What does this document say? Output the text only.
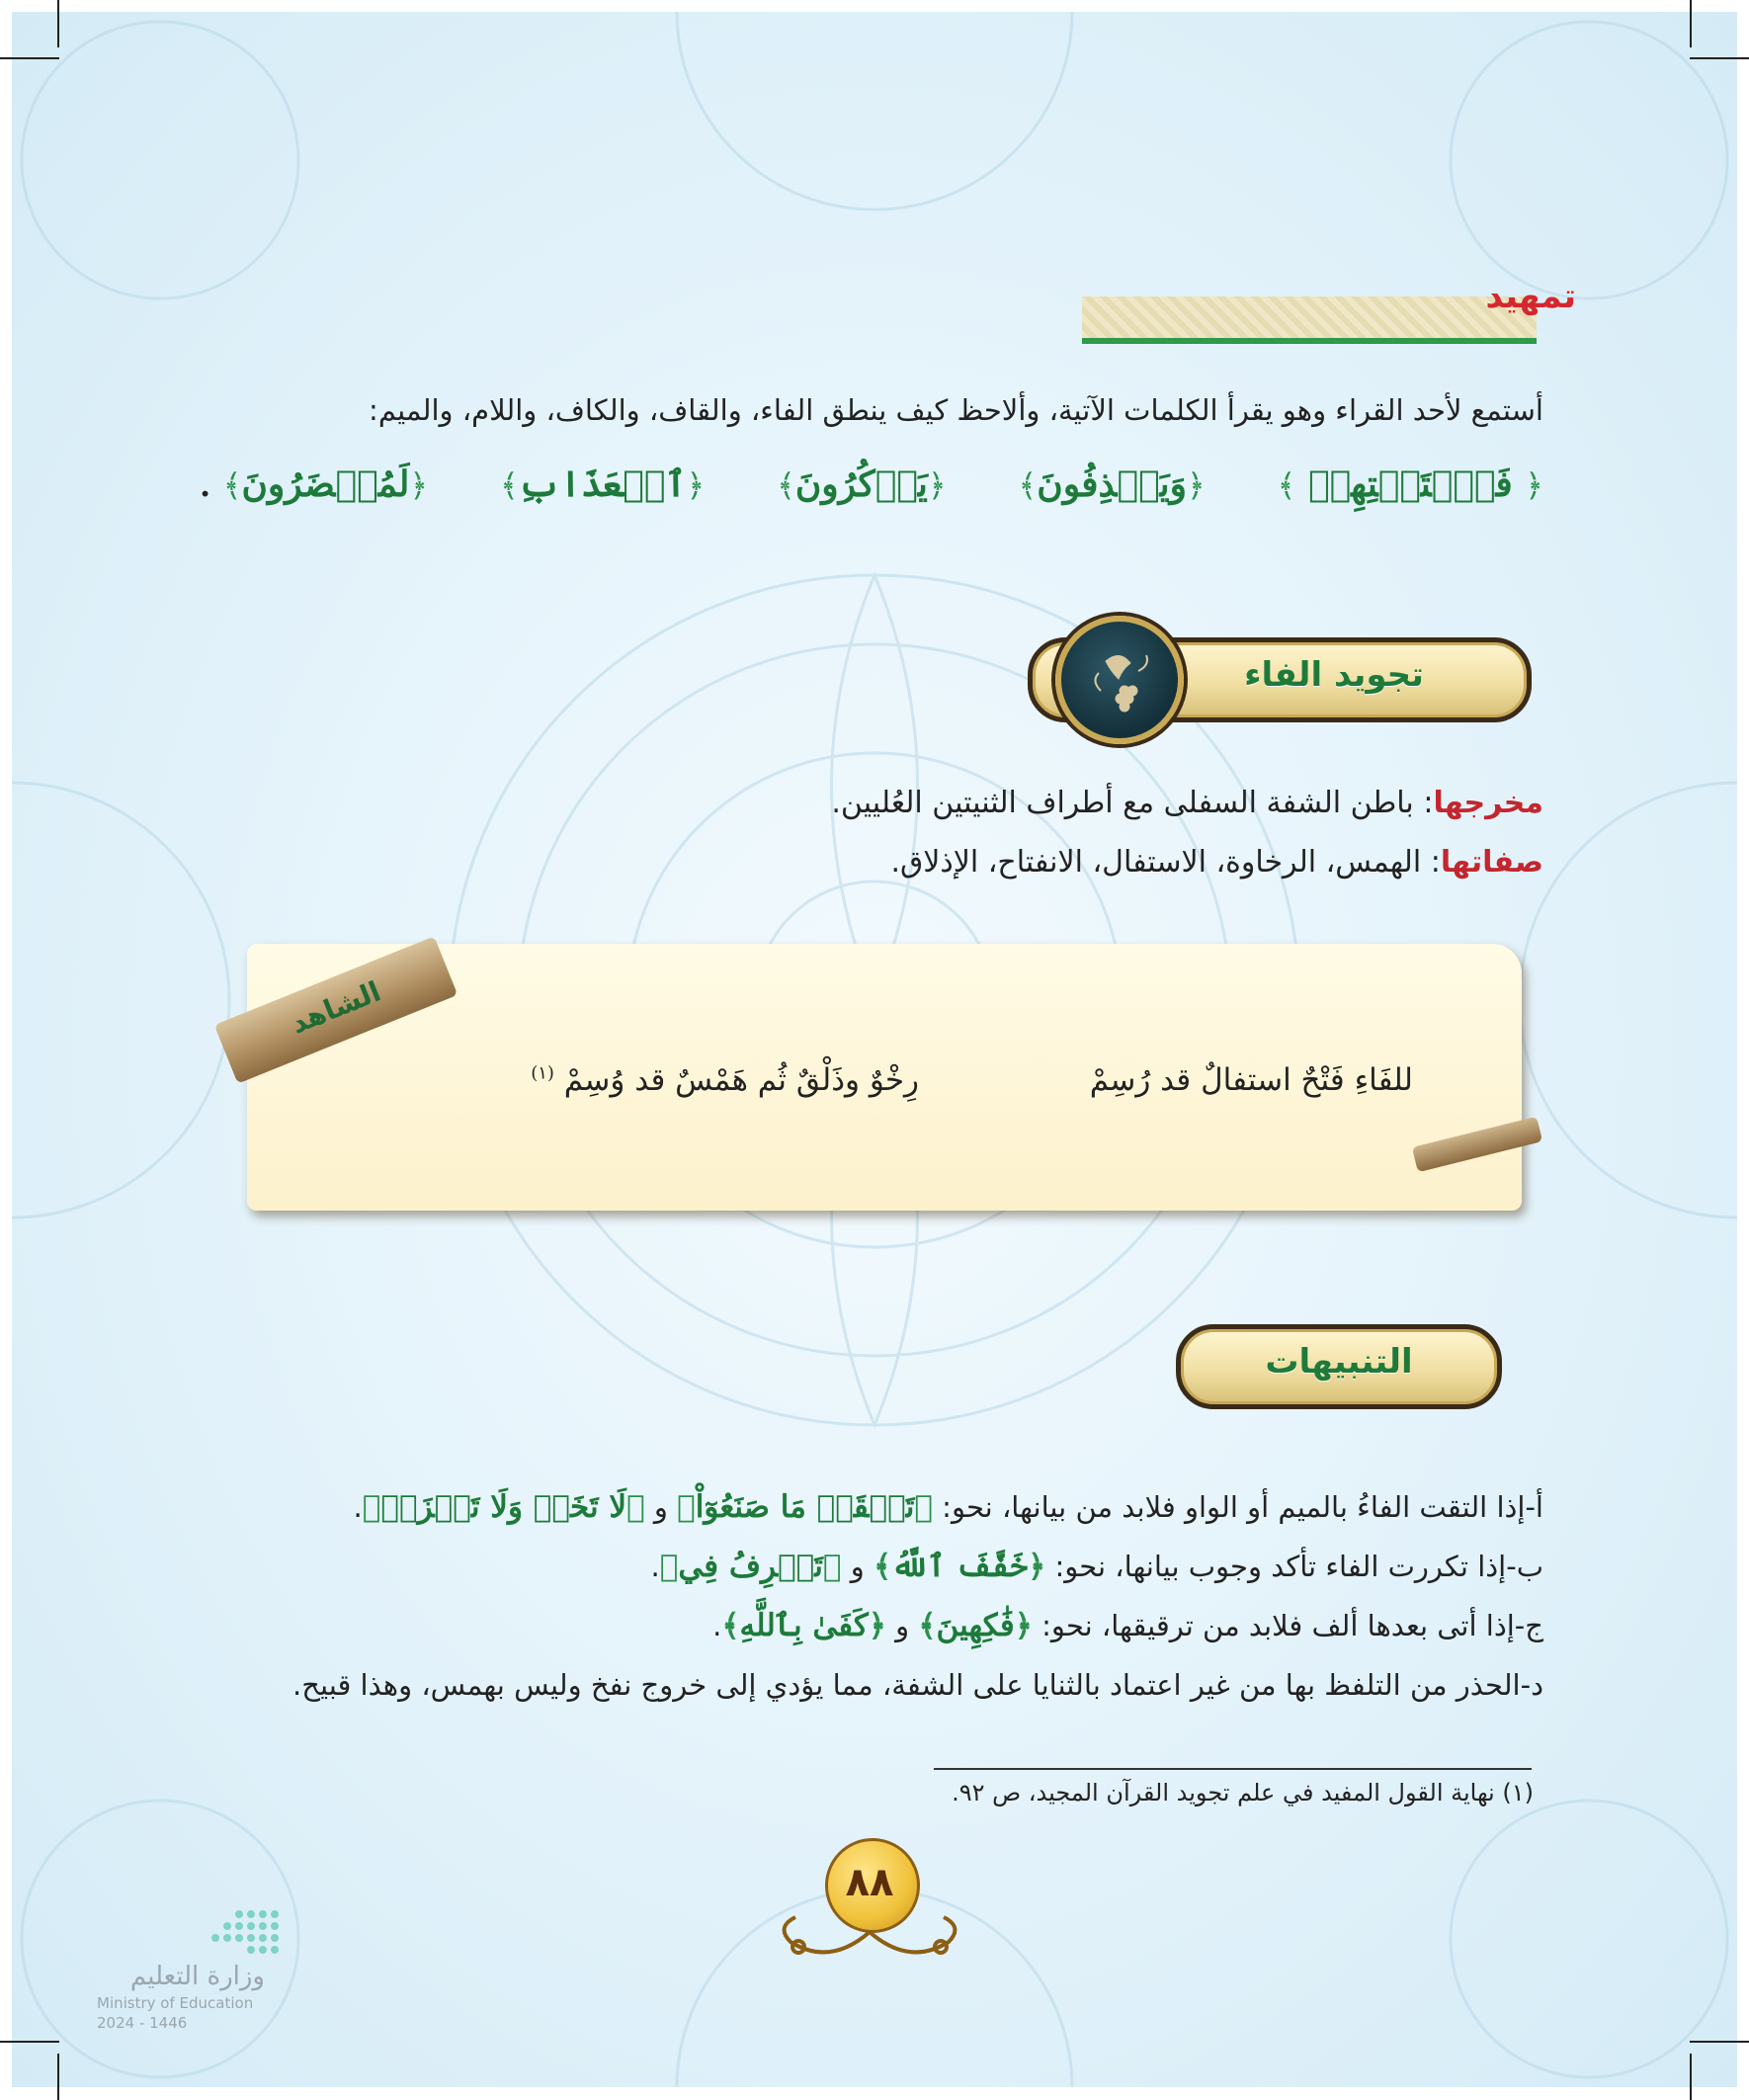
تمهيد
أستمع لأحد القراء وهو يقرأ الكلمات الآتية، وألاحظ كيف ينطق الفاء، والقاف، والكاف، واللام، والميم:
﴿ فَٱسۡتَفۡتِهِمۡ ﴾
﴿وَيَقۡذِفُونَ﴾
﴿يَذۡكُرُونَ﴾
﴿ٱلۡعَذَابِ﴾
﴿لَمُحۡضَرُونَ﴾ .
تجويد الفاء
مخرجها: باطن الشفة السفلى مع أطراف الثنيتين العُليين.
صفاتها: الهمس، الرخاوة، الاستفال، الانفتاح، الإذلاق.
الشاهد
للفَاءِ فَتْحٌ استفالٌ قد رُسِمْ
رِخْوٌ وذَلْقٌ ثُم هَمْسٌ قد وُسِمْ $^{(١)}$
التنبيهات
أ-إذا التقت الفاءُ بالميم أو الواو فلابد من بيانها، نحو: ﴿تَلۡقَفۡ مَا صَنَعُوٓاْ﴾ و ﴿لَا تَخَفۡ وَلَا تَحۡزَنۡ﴾.
ب-إذا تكررت الفاء تأكد وجوب بيانها، نحو: ﴿خَفَّفَ ٱللَّهُ﴾ و ﴿تَعۡرِفُ فِي﴾.
ج-إذا أتى بعدها ألف فلابد من ترقيقها، نحو: ﴿فَٰكِهِينَ﴾ و ﴿كَفَىٰ بِٱللَّهِ﴾.
د-الحذر من التلفظ بها من غير اعتماد بالثنايا على الشفة، مما يؤدي إلى خروج نفخ وليس بهمس، وهذا قبيح.
(١) نهاية القول المفيد في علم تجويد القرآن المجيد، ص ٩٢.
٨٨
وزارة التعليم
Ministry of Education
2024 - 1446
